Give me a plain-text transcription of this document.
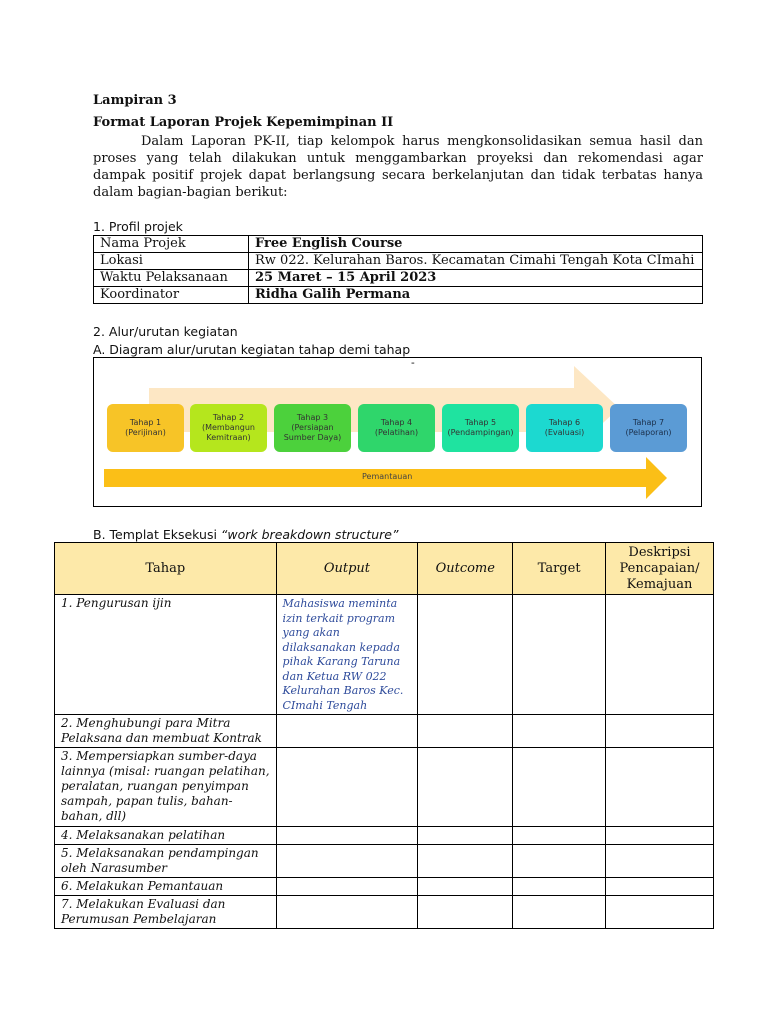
Lampiran 3
Format Laporan Projek Kepemimpinan II
Dalam Laporan PK-II, tiap kelompok harus mengkonsolidasikan semua hasil dan proses yang telah dilakukan untuk menggambarkan proyeksi dan rekomendasi agar dampak positif projek dapat berlangsung secara berkelanjutan dan tidak terbatas hanya dalam bagian-bagian berikut:
1. Profil projek
Nama Projek	Free English Course
Lokasi	Rw 022. Kelurahan Baros. Kecamatan Cimahi Tengah Kota CImahi
Waktu Pelaksanaan	25 Maret – 15 April 2023
Koordinator	Ridha Galih Permana
2. Alur/urutan kegiatan
A. Diagram alur/urutan kegiatan tahap demi tahap
-
Tahap 1
(Perijinan)
Tahap 2
(Membangun
Kemitraan)
Tahap 3
(Persiapan
Sumber Daya)
Tahap 4
(Pelatihan)
Tahap 5
(Pendampingan)
Tahap 6
(Evaluasi)
Tahap 7
(Pelaporan)
Pemantauan
B. Templat Eksekusi “work breakdown structure”
Tahap	Output	Outcome	Target	Deskripsi
Pencapaian/
Kemajuan

1. Pengurusan ijin	Mahasiswa meminta izin terkait program yang akan dilaksanakan kepada pihak Karang Taruna dan Ketua RW 022 Kelurahan Baros Kec. CImahi Tengah			
2. Menghubungi para Mitra Pelaksana dan membuat Kontrak				
3. Mempersiapkan sumber-daya lainnya (misal: ruangan pelatihan, peralatan, ruangan penyimpan sampah, papan tulis, bahan-bahan, dll)				
4. Melaksanakan pelatihan				
5. Melaksanakan pendampingan oleh Narasumber				
6. Melakukan Pemantauan				
7. Melakukan Evaluasi dan Perumusan Pembelajaran				
